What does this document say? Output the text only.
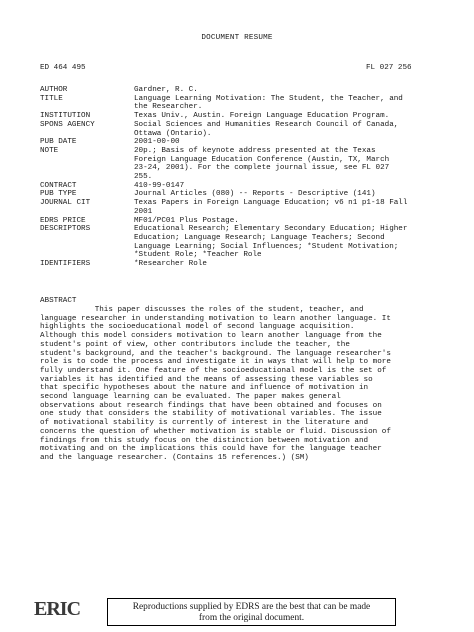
DOCUMENT RESUME
ED 464 495	FL 027 256
AUTHOR	Gardner, R. C.
TITLE	Language Learning Motivation: The Student, the Teacher, and
the Researcher.
INSTITUTION	Texas Univ., Austin. Foreign Language Education Program.
SPONS AGENCY	Social Sciences and Humanities Research Council of Canada,
Ottawa (Ontario).
PUB DATE	2001-00-00
NOTE	20p.; Basis of keynote address presented at the Texas
Foreign Language Education Conference (Austin, TX, March
23-24, 2001). For the complete journal issue, see FL 027
255.
CONTRACT	410-99-0147
PUB TYPE	Journal Articles (080) -- Reports - Descriptive (141)
JOURNAL CIT	Texas Papers in Foreign Language Education; v6 n1 p1-18 Fall
2001
EDRS PRICE	MF01/PC01 Plus Postage.
DESCRIPTORS	Educational Research; Elementary Secondary Education; Higher
Education; Language Research; Language Teachers; Second
Language Learning; Social Influences; *Student Motivation;
*Student Role; *Teacher Role
IDENTIFIERS	*Researcher Role
ABSTRACT
This paper discusses the roles of the student, teacher, and
language researcher in understanding motivation to learn another language. It
highlights the socioeducational model of second language acquisition.
Although this model considers motivation to learn another language from the
student's point of view, other contributors include the teacher, the
student's background, and the teacher's background. The language researcher's
role is to code the process and investigate it in ways that will help to more
fully understand it. One feature of the socioeducational model is the set of
variables it has identified and the means of assessing these variables so
that specific hypotheses about the nature and influence of motivation in
second language learning can be evaluated. The paper makes general
observations about research findings that have been obtained and focuses on
one study that considers the stability of motivational variables. The issue
of motivational stability is currently of interest in the literature and
concerns the question of whether motivation is stable or fluid. Discussion of
findings from this study focus on the distinction between motivation and
motivating and on the implications this could have for the language teacher
and the language researcher. (Contains 15 references.) (SM)
ERIC	Reproductions supplied by EDRS are the best that can be made
from the original document.
